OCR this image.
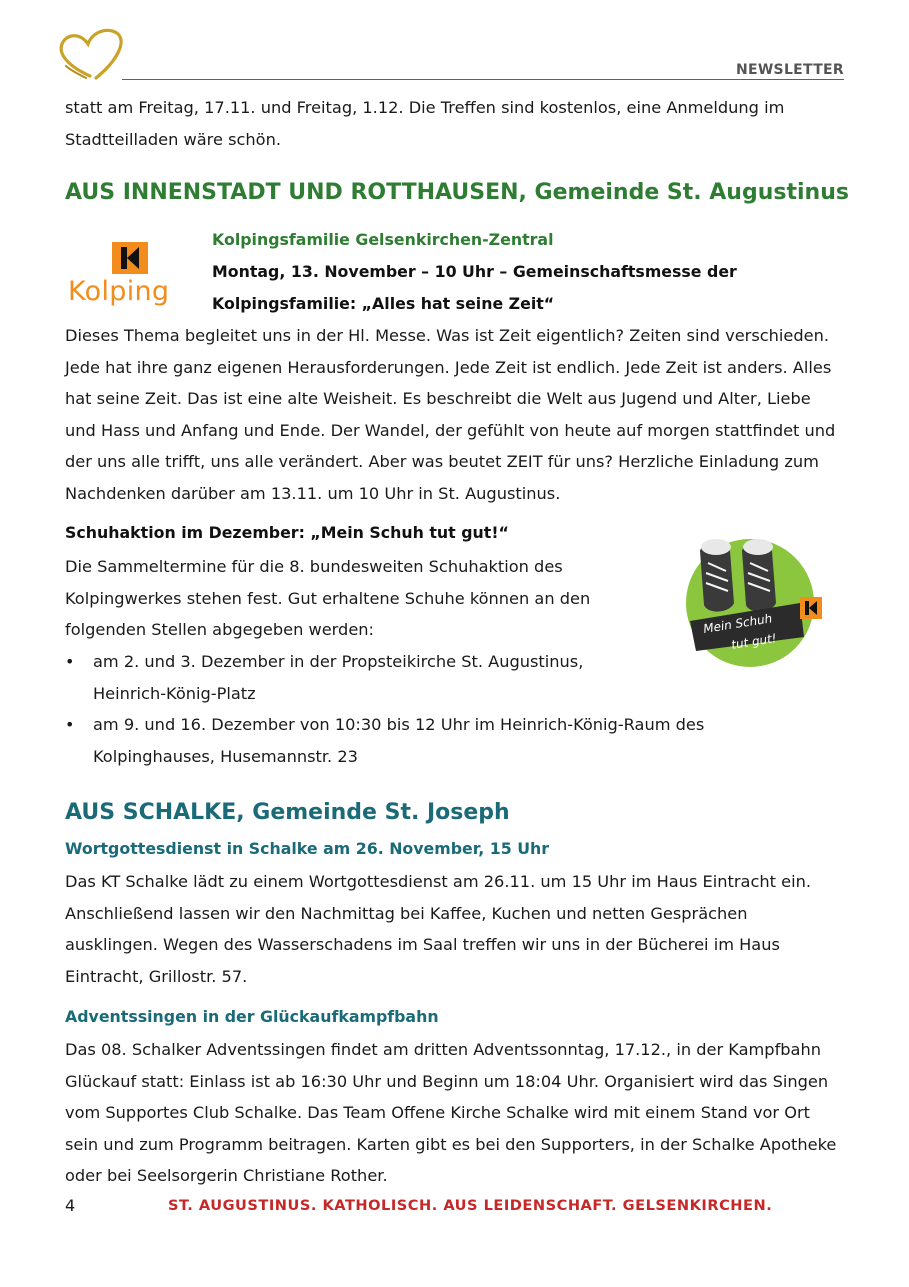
NEWSLETTER

statt am Freitag, 17.11. und Freitag, 1.12. Die Treffen sind kostenlos, eine Anmeldung im Stadtteilladen wäre schön.

AUS INNENSTADT UND ROTTHAUSEN, Gemeinde St. Augustinus
Kolping
Kolpingsfamilie Gelsenkirchen-Zentral
Montag, 13. November – 10 Uhr – Gemeinschaftsmesse der
Kolpingsfamilie: „Alles hat seine Zeit“

Dieses Thema begleitet uns in der Hl. Messe. Was ist Zeit eigentlich? Zeiten sind verschieden. Jede hat ihre ganz eigenen Herausforderungen. Jede Zeit ist endlich. Jede Zeit ist anders. Alles hat seine Zeit. Das ist eine alte Weisheit. Es beschreibt die Welt aus Jugend und Alter, Liebe und Hass und Anfang und Ende. Der Wandel, der gefühlt von heute auf morgen stattfindet und der uns alle trifft, uns alle verändert. Aber was beutet ZEIT für uns? Herzliche Einladung zum Nachdenken darüber am 13.11. um 10 Uhr in St. Augustinus.

Schuhaktion im Dezember: „Mein Schuh tut gut!“

Die Sammeltermine für die 8. bundesweiten Schuhaktion des Kolpingwerkes stehen fest. Gut erhaltene Schuhe können an den folgenden Stellen abgegeben werden:	Mein Schuh
tut gut!
• am 2. und 3. Dezember in der Propsteikirche St. Augustinus, Heinrich-König-Platz
• am 9. und 16. Dezember von 10:30 bis 12 Uhr im Heinrich-König-Raum des Kolpinghauses, Husemannstr. 23
AUS SCHALKE, Gemeinde St. Joseph
Wortgottesdienst in Schalke am 26. November, 15 Uhr

Das KT Schalke lädt zu einem Wortgottesdienst am 26.11. um 15 Uhr im Haus Eintracht ein. Anschließend lassen wir den Nachmittag bei Kaffee, Kuchen und netten Gesprächen ausklingen. Wegen des Wasserschadens im Saal treffen wir uns in der Bücherei im Haus Eintracht, Grillostr. 57.

Adventssingen in der Glückaufkampfbahn

Das 08. Schalker Adventssingen findet am dritten Adventssonntag, 17.12., in der Kampfbahn Glückauf statt: Einlass ist ab 16:30 Uhr und Beginn um 18:04 Uhr. Organisiert wird das Singen vom Supportes Club Schalke. Das Team Offene Kirche Schalke wird mit einem Stand vor Ort sein und zum Programm beitragen. Karten gibt es bei den Supporters, in der Schalke Apotheke oder bei Seelsorgerin Christiane Rother.

4	ST. AUGUSTINUS. KATHOLISCH. AUS LEIDENSCHAFT. GELSENKIRCHEN.
